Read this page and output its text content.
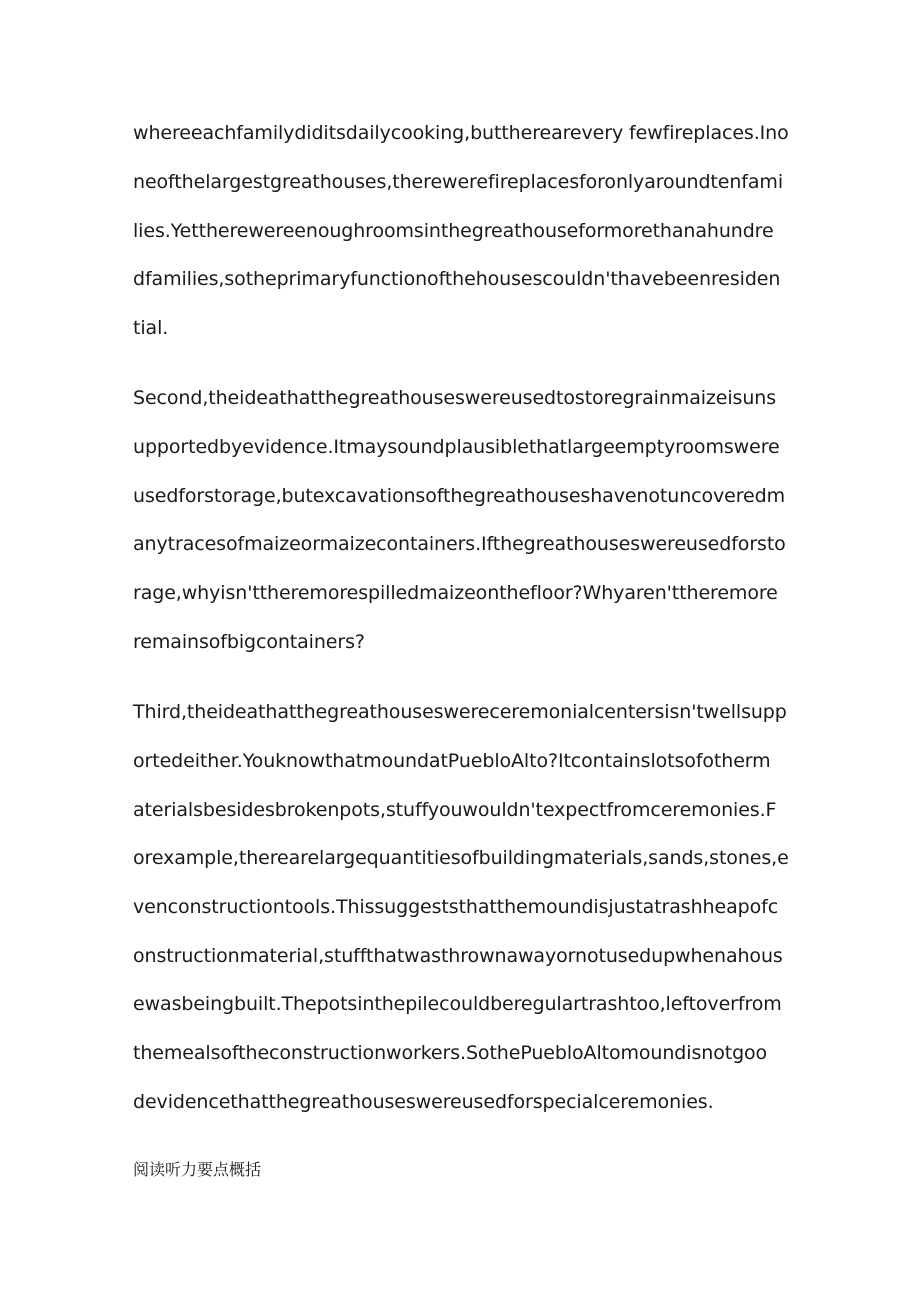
whereeachfamilydiditsdailycooking,buttherearevery fewfireplaces.Ino
neofthelargestgreathouses,therewerefireplacesforonlyaroundtenfami
lies.Yettherewereenoughroomsinthegreathouseformorethanahundre
dfamilies,sotheprimaryfunctionofthehousescouldn'thavebeenresiden
tial.
Second,theideathatthegreathouseswereusedtostoregrainmaizeisuns
upportedbyevidence.Itmaysoundplausiblethatlargeemptyroomswere
usedforstorage,butexcavationsofthegreathouseshavenotuncoveredm
anytracesofmaizeormaizecontainers.Ifthegreathouseswereusedforsto
rage,whyisn'ttheremorespilledmaizeonthefloor?Whyaren'ttheremore
remainsofbigcontainers?
Third,theideathatthegreathouseswereceremonialcentersisn'twellsupp
ortedeither.YouknowthatmoundatPuebloAlto?Itcontainslotsofotherm
aterialsbesidesbrokenpots,stuffyouwouldn'texpectfromceremonies.F
orexample,therearelargequantitiesofbuildingmaterials,sands,stones,e
venconstructiontools.Thissuggeststhatthemoundisjustatrashheapofc
onstructionmaterial,stuffthatwasthrownawayornotusedupwhenahous
ewasbeingbuilt.Thepotsinthepilecouldberegulartrashtoo,leftoverfrom
themealsoftheconstructionworkers.SothePuebloAltomoundisnotgoo
devidencethatthegreathouseswereusedforspecialceremonies.
阅读听力要点概括
